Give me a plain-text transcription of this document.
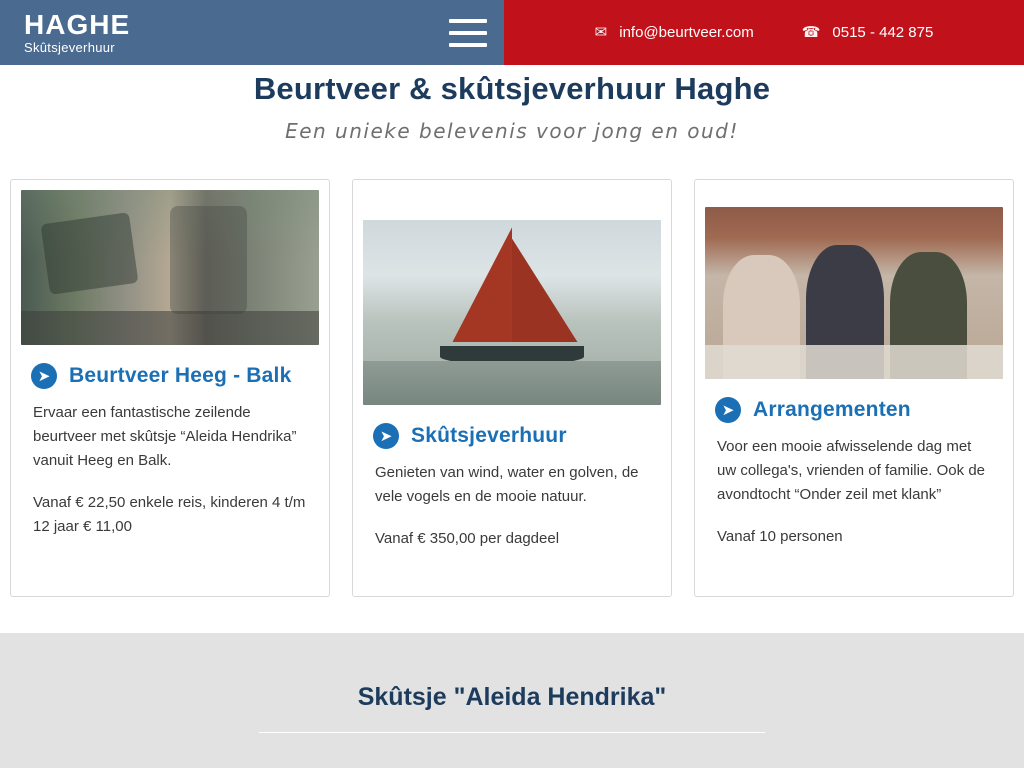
HAGHE
Skûtsjeverhuur
✉ info@beurtveer.com	☎ 0515 - 442 875
Beurtveer & skûtsjeverhuur Haghe
Een unieke belevenis voor jong en oud!
➤ Beurtveer Heeg - Balk

Ervaar een fantastische zeilende beurtveer met skûtsje “Aleida Hendrika” vanuit Heeg en Balk.

Vanaf € 22,50 enkele reis, kinderen 4 t/m 12 jaar € 11,00

➤ Skûtsjeverhuur

Genieten van wind, water en golven, de vele vogels en de mooie natuur.

Vanaf € 350,00 per dagdeel

➤ Arrangementen

Voor een mooie afwisselende dag met uw collega's, vrienden of familie. Ook de avondtocht “Onder zeil met klank”

Vanaf 10 personen

Skûtsje "Aleida Hendrika"
